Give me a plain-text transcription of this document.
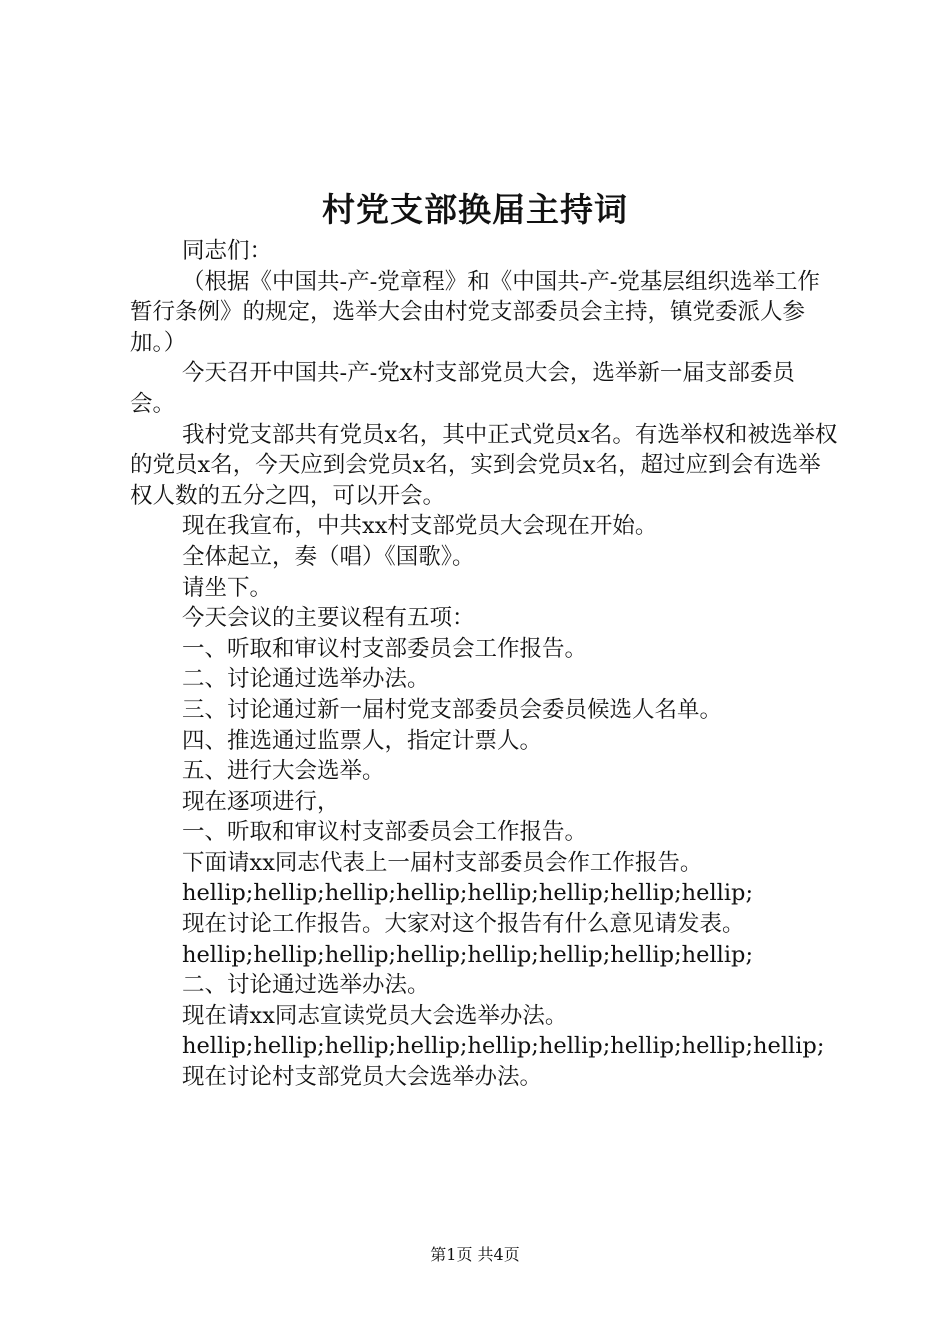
村党支部换届主持词

同志们：

（根据《中国共-产-党章程》和《中国共-产-党基层组织选举工作暂行条例》的规定，选举大会由村党支部委员会主持，镇党委派人参加。）

今天召开中国共-产-党x村支部党员大会，选举新一届支部委员会。

我村党支部共有党员x名，其中正式党员x名。有选举权和被选举权的党员x名，今天应到会党员x名，实到会党员x名，超过应到会有选举权人数的五分之四，可以开会。

现在我宣布，中共xx村支部党员大会现在开始。

全体起立，奏（唱）《国歌》。

请坐下。

今天会议的主要议程有五项：

一、听取和审议村支部委员会工作报告。

二、讨论通过选举办法。

三、讨论通过新一届村党支部委员会委员候选人名单。

四、推选通过监票人，指定计票人。

五、进行大会选举。

现在逐项进行，

一、听取和审议村支部委员会工作报告。

下面请xx同志代表上一届村支部委员会作工作报告。

hellip;hellip;hellip;hellip;hellip;hellip;hellip;hellip;

现在讨论工作报告。大家对这个报告有什么意见请发表。

hellip;hellip;hellip;hellip;hellip;hellip;hellip;hellip;

二、讨论通过选举办法。

现在请xx同志宣读党员大会选举办法。

hellip;hellip;hellip;hellip;hellip;hellip;hellip;hellip;hellip;

现在讨论村支部党员大会选举办法。

第1页 共4页
